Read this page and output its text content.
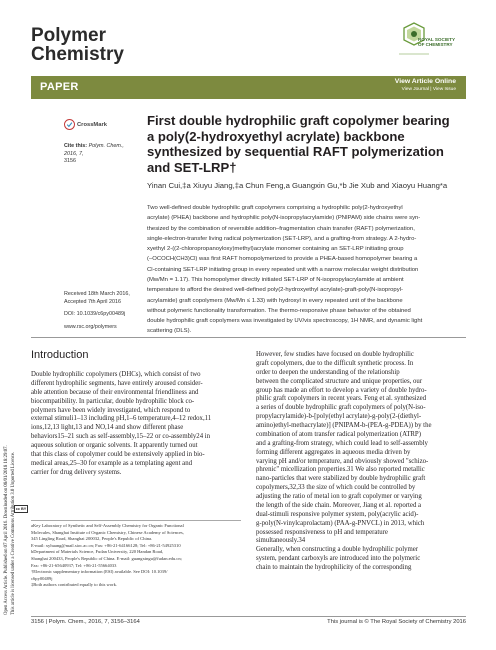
Polymer
Chemistry
ROYAL SOCIETY
OF CHEMISTRY
PAPER	View Article Online
View Journal | View Issue
Open Access Article. Published on 07 April 2016. Downloaded on 08/01/2018 18:29:07. This article is licensed under a Creative Commons Attribution 3.0 Unported Licence. cc BY
CrossMark
Cite this: Polym. Chem., 2016, 7,
3156
First double hydrophilic graft copolymer bearing
a poly(2-hydroxyethyl acrylate) backbone
synthesized by sequential RAFT polymerization
and SET-LRP†
Yinan Cui,‡a Xiuyu Jiang,‡a Chun Feng,a Guangxin Gu,*b Jie Xub and Xiaoyu Huang*a
Two well-defined double hydrophilic graft copolymers comprising a hydrophilic poly(2-hydroxyethyl
acrylate) (PHEA) backbone and hydrophilic poly(N-isopropylacrylamide) (PNIPAM) side chains were syn-
thesized by the combination of reversible addition–fragmentation chain transfer (RAFT) polymerization,
single-electron-transfer living radical polymerization (SET-LRP), and a grafting-from strategy. A 2-hydro-
xyethyl 2-((2-chloropropanoyloxy)methyl)acrylate monomer containing an SET-LRP initiating group
(–OCOCH(CH3)Cl) was first RAFT homopolymerized to provide a PHEA-based homopolymer bearing a
Cl-containing SET-LRP initiating group in every repeated unit with a narrow molecular weight distribution
(Mw/Mn = 1.17). This homopolymer directly initiated SET-LRP of N-isopropylacrylamide at ambient
temperature to afford the desired well-defined poly(2-hydroxyethyl acrylate)-graft-poly(N-isopropyl-
acrylamide) graft copolymers (Mw/Mn ≤ 1.33) with hydroxyl in every repeated unit of the backbone
without polymeric functionality transformation. The thermo-responsive phase behavior of the obtained
double hydrophilic graft copolymers was investigated by UV/vis spectroscopy, 1H NMR, and dynamic light
scattering (DLS).
Received 18th March 2016,
Accepted 7th April 2016
DOI: 10.1039/c6py00489j
www.rsc.org/polymers
Introduction
Double hydrophilic copolymers (DHCs), which consist of two
different hydrophilic segments, have entirely aroused consider-
able attention because of their environmental friendliness and
biocompatibility. In particular, double hydrophilic block co-
polymers have been widely investigated, which respond to
external stimuli1–13 including pH,1–6 temperature,4–12 redox,11
ions,12,13 light,13 and NO,14 and show different phase
behaviors15–21 such as self-assembly,15–22 or co-assembly24 in
aqueous solution or organic solvents. It apparently turned out
that this class of copolymer could be extensively applied in bio-
medical areas,25–30 for example as a templating agent and
carrier for drug delivery systems.
However, few studies have focused on double hydrophilic
graft copolymers, due to the difficult synthetic process. In
order to deepen the understanding of the relationship
between the complicated structure and unique properties, our
group has made an effort to develop a variety of double hydro-
philic graft copolymers in recent years. Feng et al. synthesized
a series of double hydrophilic graft copolymers of poly(N-iso-
propylacrylamide)-b-[poly(ethyl acrylate)-g-poly(2-(diethyl-
amino)ethyl-methacrylate)] (PNIPAM-b-(PEA-g-PDEA)) by the
combination of atom transfer radical polymerization (ATRP)
and a grafting-from strategy, which could lead to self-assembly
forming different aggregates in aqueous media driven by
varying pH and/or temperature, and obviously showed "schizo-
phrenic" micellization properties.31 We also reported metallic
nano-particles that were stabilized by double hydrophilic graft
copolymers,32,33 the size of which could be controlled by
adjusting the ratio of metal ion to graft copolymer or varying
the length of the side chain. Moreover, Jiang et al. reported a
dual-stimuli responsive polymer system, poly(acrylic acid)-
g-poly(N-vinylcaprolactam) (PAA-g-PNVCL) in 2013, which
possessed responsiveness to pH and temperature
simultaneously.34
Generally, when constructing a double hydrophilic polymer
system, pendant carboxyls are introduced into the polymeric
chain to maintain the hydrophilicity of the corresponding
aKey Laboratory of Synthetic and Self-Assembly Chemistry for Organic Functional
Molecules, Shanghai Institute of Organic Chemistry, Chinese Academy of Sciences,
345 Lingling Road, Shanghai 200032, People's Republic of China.
E-mail: xyhuang@mail.sioc.ac.cn; Fax: +86-21-64166128; Tel: +86-21-54925310
bDepartment of Materials Science, Fudan University, 220 Handan Road,
Shanghai 200433, People's Republic of China. E-mail: guangxingu@fudan.edu.cn;
Fax: +86-21-65640937; Tel: +86-21-55664033
†Electronic supplementary information (ESI) available. See DOI: 10.1039/
c6py00489j
‡Both authors contributed equally to this work.
3156 | Polym. Chem., 2016, 7, 3156–3164	This journal is © The Royal Society of Chemistry 2016
